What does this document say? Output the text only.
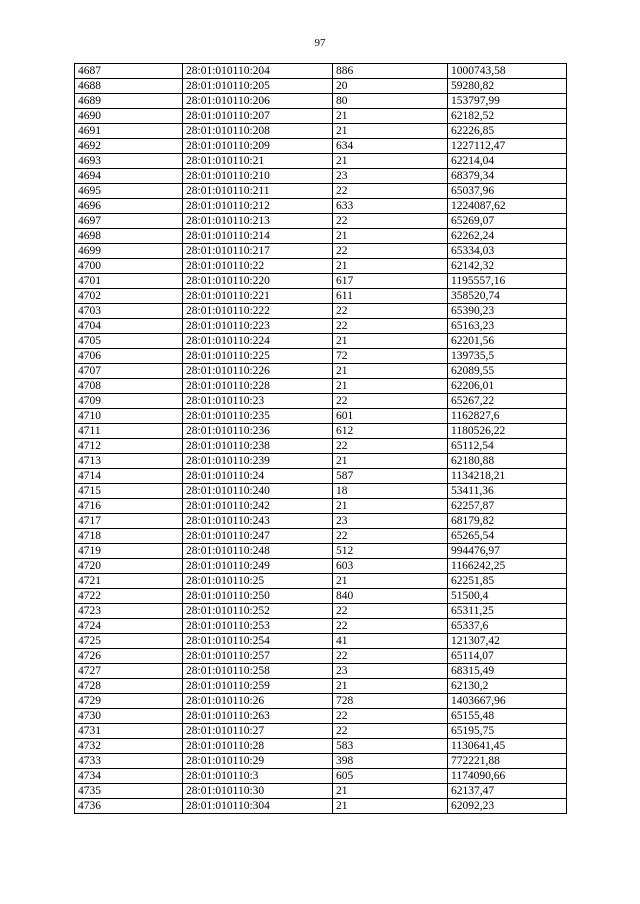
97
4687	28:01:010110:204	886	1000743,58
4688	28:01:010110:205	20	59280,82
4689	28:01:010110:206	80	153797,99
4690	28:01:010110:207	21	62182,52
4691	28:01:010110:208	21	62226,85
4692	28:01:010110:209	634	1227112,47
4693	28:01:010110:21	21	62214,04
4694	28:01:010110:210	23	68379,34
4695	28:01:010110:211	22	65037,96
4696	28:01:010110:212	633	1224087,62
4697	28:01:010110:213	22	65269,07
4698	28:01:010110:214	21	62262,24
4699	28:01:010110:217	22	65334,03
4700	28:01:010110:22	21	62142,32
4701	28:01:010110:220	617	1195557,16
4702	28:01:010110:221	611	358520,74
4703	28:01:010110:222	22	65390,23
4704	28:01:010110:223	22	65163,23
4705	28:01:010110:224	21	62201,56
4706	28:01:010110:225	72	139735,5
4707	28:01:010110:226	21	62089,55
4708	28:01:010110:228	21	62206,01
4709	28:01:010110:23	22	65267,22
4710	28:01:010110:235	601	1162827,6
4711	28:01:010110:236	612	1180526,22
4712	28:01:010110:238	22	65112,54
4713	28:01:010110:239	21	62180,88
4714	28:01:010110:24	587	1134218,21
4715	28:01:010110:240	18	53411,36
4716	28:01:010110:242	21	62257,87
4717	28:01:010110:243	23	68179,82
4718	28:01:010110:247	22	65265,54
4719	28:01:010110:248	512	994476,97
4720	28:01:010110:249	603	1166242,25
4721	28:01:010110:25	21	62251,85
4722	28:01:010110:250	840	51500,4
4723	28:01:010110:252	22	65311,25
4724	28:01:010110:253	22	65337,6
4725	28:01:010110:254	41	121307,42
4726	28:01:010110:257	22	65114,07
4727	28:01:010110:258	23	68315,49
4728	28:01:010110:259	21	62130,2
4729	28:01:010110:26	728	1403667,96
4730	28:01:010110:263	22	65155,48
4731	28:01:010110:27	22	65195,75
4732	28:01:010110:28	583	1130641,45
4733	28:01:010110:29	398	772221,88
4734	28:01:010110:3	605	1174090,66
4735	28:01:010110:30	21	62137,47
4736	28:01:010110:304	21	62092,23
